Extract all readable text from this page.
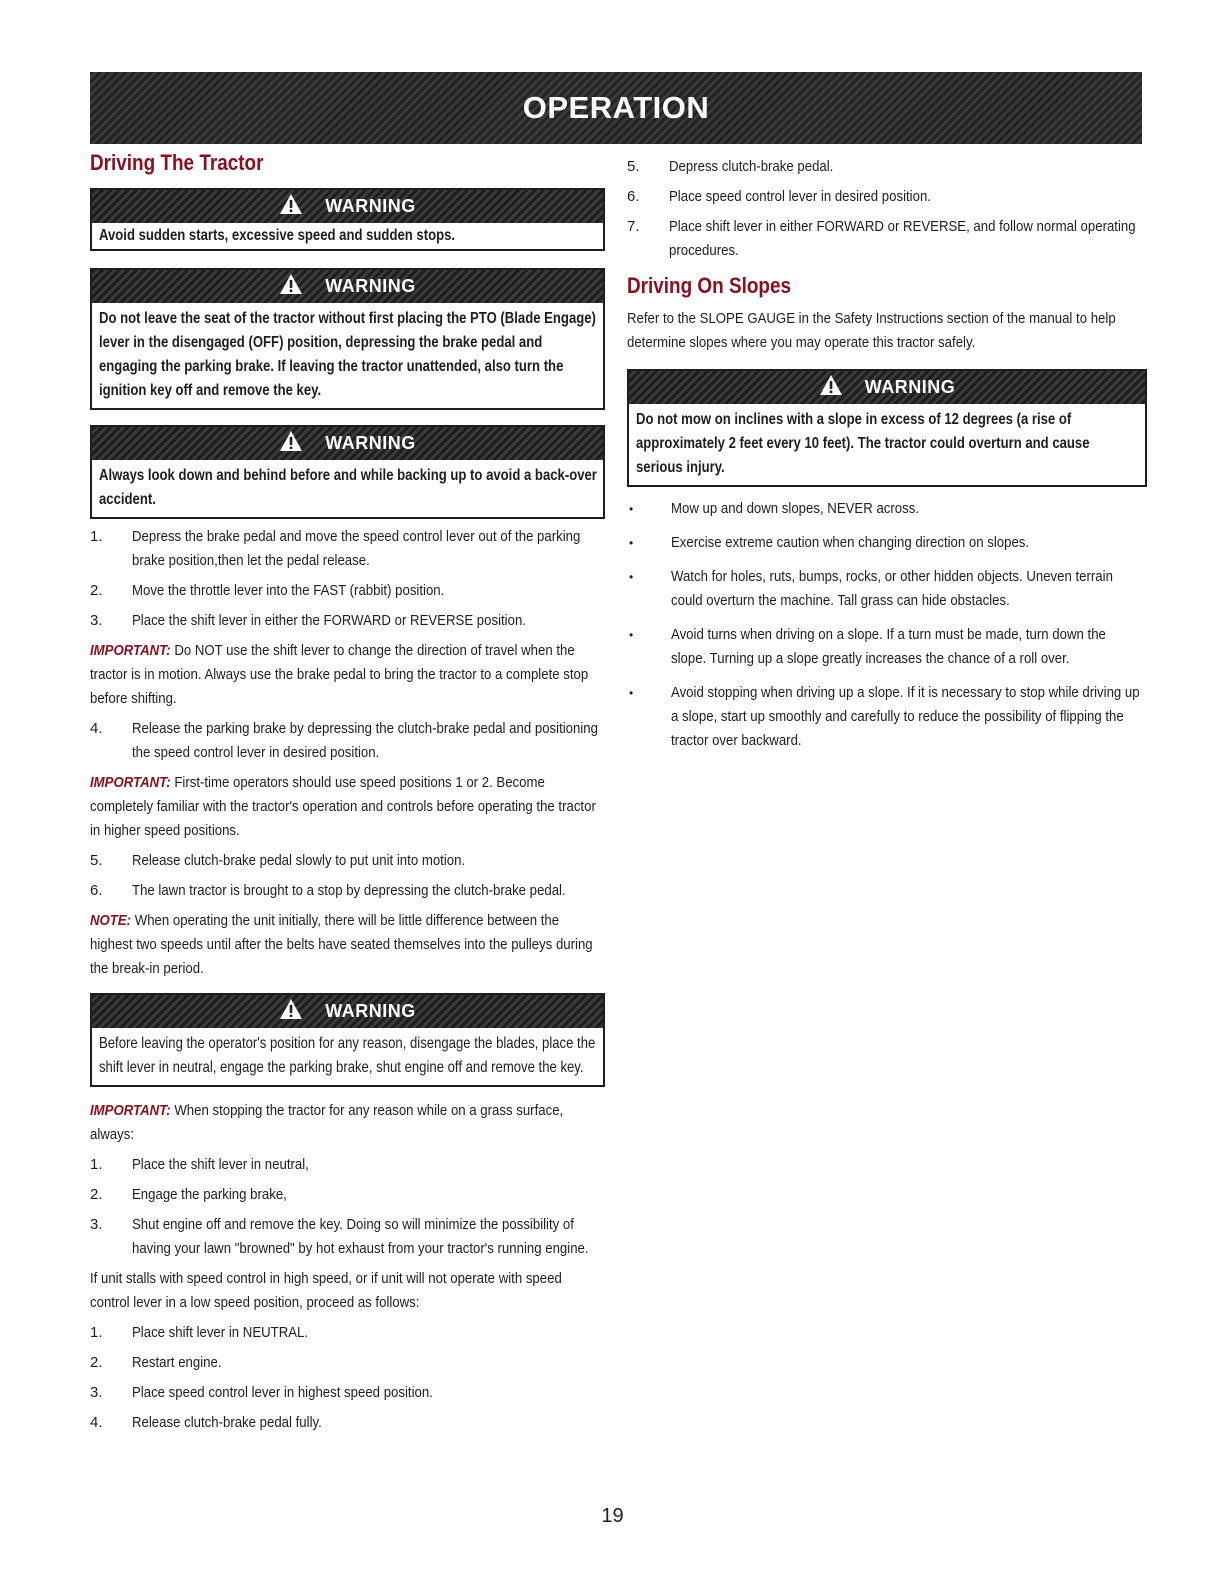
OPERATION
Driving The Tractor
WARNING

Avoid sudden starts, excessive speed and sudden stops.

WARNING

Do not leave the seat of the tractor without first placing the PTO (Blade Engage) lever in the disengaged (OFF) position, depressing the brake pedal and engaging the parking brake. If leaving the tractor unattended, also turn the ignition key off and remove the key.

WARNING

Always look down and behind before and while backing up to avoid a back-over accident.

1.	Depress the brake pedal and move the speed control lever out of the parking brake position,then let the pedal release.
2.	Move the throttle lever into the FAST (rabbit) position.
3.	Place the shift lever in either the FORWARD or REVERSE position.
IMPORTANT: Do NOT use the shift lever to change the direction of travel when the tractor is in motion. Always use the brake pedal to bring the tractor to a complete stop before shifting.
4.	Release the parking brake by depressing the clutch-brake pedal and positioning the speed control lever in desired position.
IMPORTANT: First-time operators should use speed positions 1 or 2. Become completely familiar with the tractor's operation and controls before operating the tractor in higher speed positions.
5.	Release clutch-brake pedal slowly to put unit into motion.
6.	The lawn tractor is brought to a stop by depressing the clutch-brake pedal.
NOTE: When operating the unit initially, there will be little difference between the highest two speeds until after the belts have seated themselves into the pulleys during the break-in period.
WARNING

Before leaving the operator's position for any reason, disengage the blades, place the shift lever in neutral, engage the parking brake, shut engine off and remove the key.

IMPORTANT: When stopping the tractor for any reason while on a grass surface, always:
1.	Place the shift lever in neutral,
2.	Engage the parking brake,
3.	Shut engine off and remove the key. Doing so will minimize the possibility of having your lawn "browned" by hot exhaust from your tractor's running engine.
If unit stalls with speed control in high speed, or if unit will not operate with speed control lever in a low speed position, proceed as follows:
1.	Place shift lever in NEUTRAL.
2.	Restart engine.
3.	Place speed control lever in highest speed position.
4.	Release clutch-brake pedal fully.
5.	Depress clutch-brake pedal.
6.	Place speed control lever in desired position.
7.	Place shift lever in either FORWARD or REVERSE, and follow normal operating procedures.
Driving On Slopes
Refer to the SLOPE GAUGE in the Safety Instructions section of the manual to help determine slopes where you may operate this tractor safely.
WARNING

Do not mow on inclines with a slope in excess of 12 degrees (a rise of approximately 2 feet every 10 feet). The tractor could overturn and cause serious injury.

•	Mow up and down slopes, NEVER across.
•	Exercise extreme caution when changing direction on slopes.
•	Watch for holes, ruts, bumps, rocks, or other hidden objects. Uneven terrain could overturn the machine. Tall grass can hide obstacles.
•	Avoid turns when driving on a slope. If a turn must be made, turn down the slope. Turning up a slope greatly increases the chance of a roll over.
•	Avoid stopping when driving up a slope. If it is necessary to stop while driving up a slope, start up smoothly and carefully to reduce the possibility of flipping the tractor over backward.
19
